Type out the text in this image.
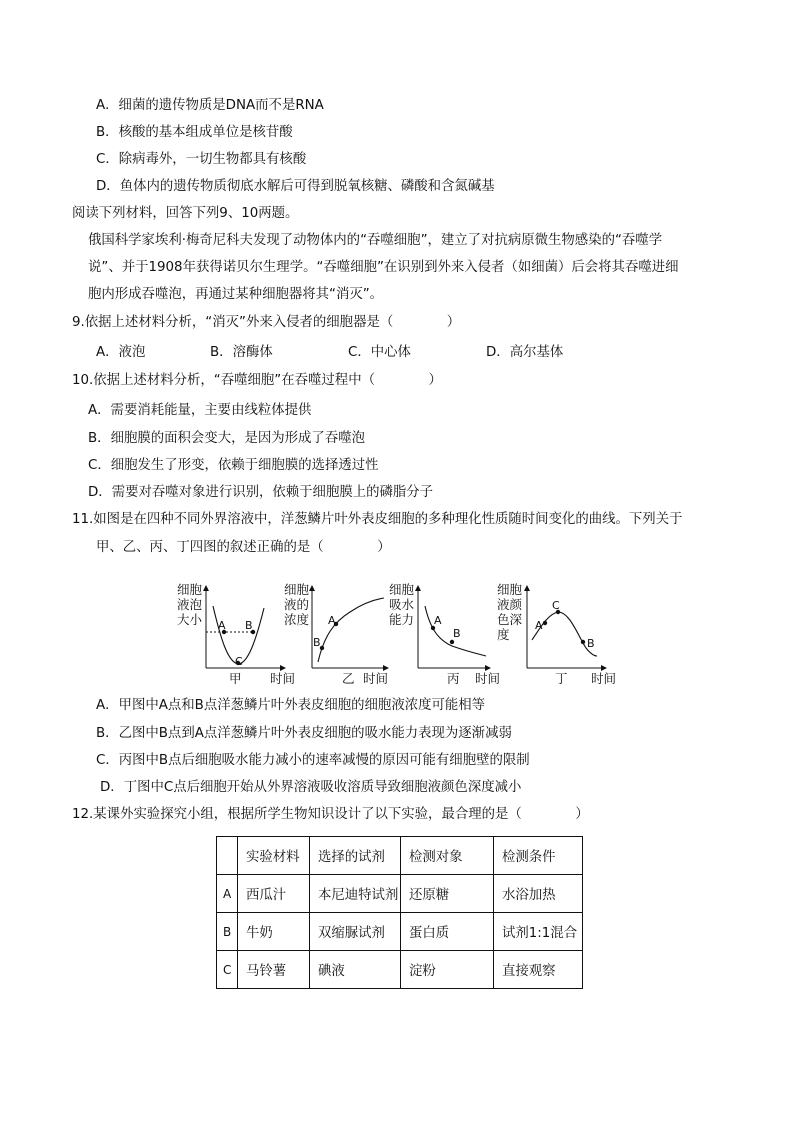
A．细菌的遗传物质是DNA而不是RNA
B．核酸的基本组成单位是核苷酸
C．除病毒外，一切生物都具有核酸
D．鱼体内的遗传物质彻底水解后可得到脱氧核糖、磷酸和含氮碱基
阅读下列材料，回答下列9、10两题。
俄国科学家埃利·梅奇尼科夫发现了动物体内的“吞噬细胞”，建立了对抗病原微生物感染的“吞噬学
说”、并于1908年获得诺贝尔生理学。“吞噬细胞”在识别到外来入侵者（如细菌）后会将其吞噬进细
胞内形成吞噬泡，再通过某种细胞器将其“消灭”。
9.依据上述材料分析，“消灭”外来入侵者的细胞器是（　　　　）
A．液泡	B．溶酶体	C．中心体	D．高尔基体
10.依据上述材料分析，“吞噬细胞”在吞噬过程中（　　　　）
A．需要消耗能量，主要由线粒体提供
B．细胞膜的面积会变大，是因为形成了吞噬泡
C．细胞发生了形变，依赖于细胞膜的选择透过性
D．需要对吞噬对象进行识别，依赖于细胞膜上的磷脂分子
11.如图是在四种不同外界溶液中，洋葱鳞片叶外表皮细胞的多种理化性质随时间变化的曲线。下列关于
甲、乙、丙、丁四图的叙述正确的是（　　　　）
细胞
液泡
大小 A B
C
时间
甲
细胞
液的
浓度 A
B
乙 时间
细胞
吸水
能力 A
B
丙 时间
细胞
液颜
色深
度
A
C
B
丁 时间
A．甲图中A点和B点洋葱鳞片叶外表皮细胞的细胞液浓度可能相等
B．乙图中B点到A点洋葱鳞片叶外表皮细胞的吸水能力表现为逐渐减弱
C．丙图中B点后细胞吸水能力减小的速率减慢的原因可能有细胞壁的限制
D．丁图中C点后细胞开始从外界溶液吸收溶质导致细胞液颜色深度减小
12.某课外实验探究小组，根据所学生物知识设计了以下实验，最合理的是（　　　　）
	实验材料	选择的试剂	检测对象	检测条件
A	西瓜汁	本尼迪特试剂	还原糖	水浴加热
B	牛奶	双缩脲试剂	蛋白质	试剂1:1混合
C	马铃薯	碘液	淀粉	直接观察
